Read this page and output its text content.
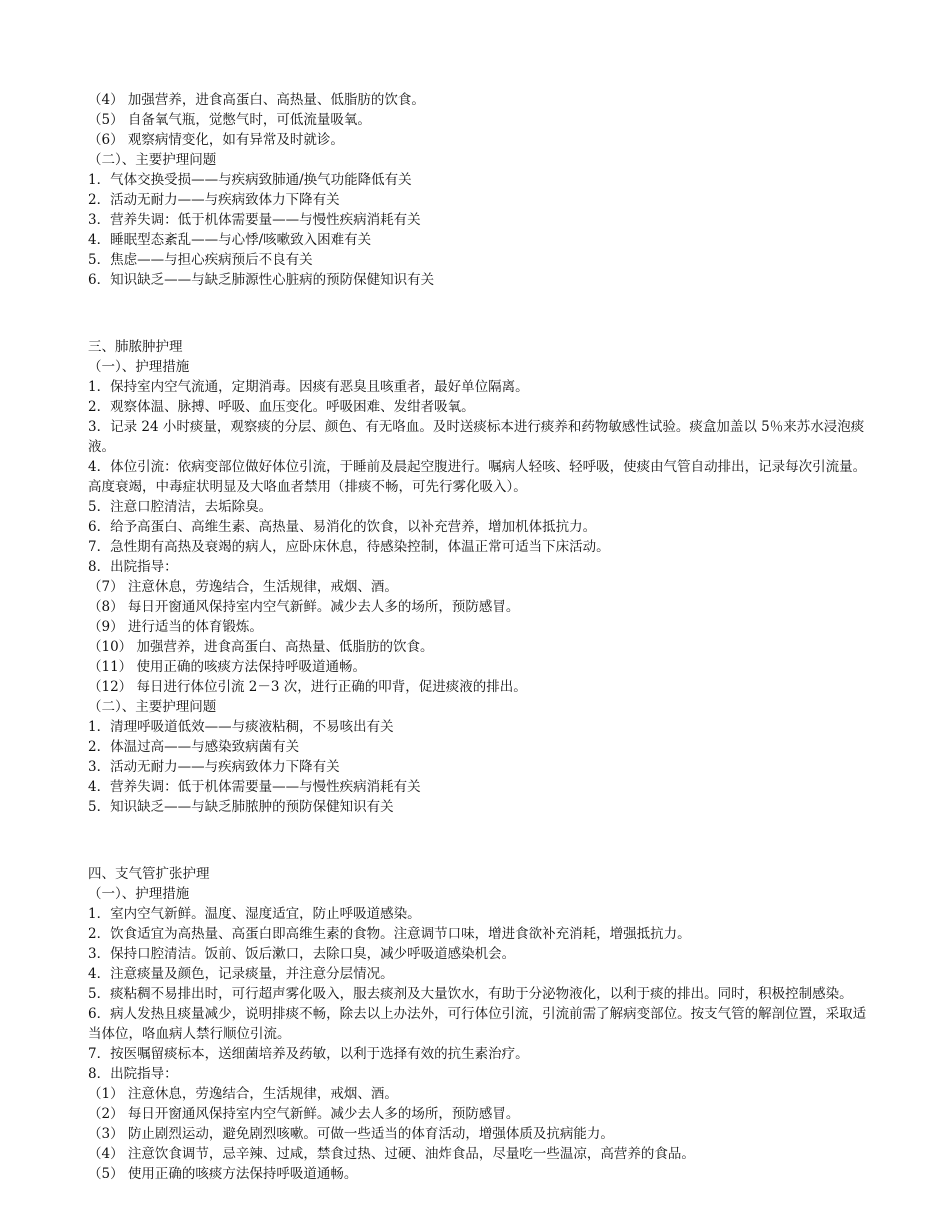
（4） 加强营养，进食高蛋白、高热量、低脂肪的饮食。

（5） 自备氧气瓶，觉憋气时，可低流量吸氧。

（6） 观察病情变化，如有异常及时就诊。

（二）、主要护理问题

1．气体交换受损——与疾病致肺通/换气功能降低有关

2．活动无耐力——与疾病致体力下降有关

3．营养失调：低于机体需要量——与慢性疾病消耗有关

4．睡眠型态紊乱——与心悸/咳嗽致入困难有关

5．焦虑——与担心疾病预后不良有关

6．知识缺乏——与缺乏肺源性心脏病的预防保健知识有关

三、肺脓肿护理

（一）、护理措施

1．保持室内空气流通，定期消毒。因痰有恶臭且咳重者，最好单位隔离。

2．观察体温、脉搏、呼吸、血压变化。呼吸困难、发绀者吸氧。

3．记录 24 小时痰量，观察痰的分层、颜色、有无咯血。及时送痰标本进行痰养和药物敏感性试验。痰盒加盖以 5％来苏水浸泡痰液。

4．体位引流：依病变部位做好体位引流，于睡前及晨起空腹进行。嘱病人轻咳、轻呼吸，使痰由气管自动排出，记录每次引流量。高度衰竭，中毒症状明显及大咯血者禁用（排痰不畅，可先行雾化吸入）。

5．注意口腔清洁，去垢除臭。

6．给予高蛋白、高维生素、高热量、易消化的饮食，以补充营养，增加机体抵抗力。

7．急性期有高热及衰竭的病人，应卧床休息，待感染控制，体温正常可适当下床活动。

8．出院指导：

（7） 注意休息，劳逸结合，生活规律，戒烟、酒。

（8） 每日开窗通风保持室内空气新鲜。减少去人多的场所，预防感冒。

（9） 进行适当的体育锻炼。

（10） 加强营养，进食高蛋白、高热量、低脂肪的饮食。

（11） 使用正确的咳痰方法保持呼吸道通畅。

（12） 每日进行体位引流 2－3 次，进行正确的叩背，促进痰液的排出。

（二）、主要护理问题

1．清理呼吸道低效——与痰液粘稠，不易咳出有关

2．体温过高——与感染致病菌有关

3．活动无耐力——与疾病致体力下降有关

4．营养失调：低于机体需要量——与慢性疾病消耗有关

5．知识缺乏——与缺乏肺脓肿的预防保健知识有关

四、支气管扩张护理

（一）、护理措施

1．室内空气新鲜。温度、湿度适宜，防止呼吸道感染。

2．饮食适宜为高热量、高蛋白即高维生素的食物。注意调节口味，增进食欲补充消耗，增强抵抗力。

3．保持口腔清洁。饭前、饭后漱口，去除口臭，减少呼吸道感染机会。

4．注意痰量及颜色，记录痰量，并注意分层情况。

5．痰粘稠不易排出时，可行超声雾化吸入，服去痰剂及大量饮水，有助于分泌物液化，以利于痰的排出。同时，积极控制感染。

6．病人发热且痰量减少，说明排痰不畅，除去以上办法外，可行体位引流，引流前需了解病变部位。按支气管的解剖位置，采取适当体位，咯血病人禁行顺位引流。

7．按医嘱留痰标本，送细菌培养及药敏，以利于选择有效的抗生素治疗。

8．出院指导：

（1） 注意休息，劳逸结合，生活规律，戒烟、酒。

（2） 每日开窗通风保持室内空气新鲜。减少去人多的场所，预防感冒。

（3） 防止剧烈运动，避免剧烈咳嗽。可做一些适当的体育活动，增强体质及抗病能力。

（4） 注意饮食调节，忌辛辣、过咸，禁食过热、过硬、油炸食品，尽量吃一些温凉，高营养的食品。

（5） 使用正确的咳痰方法保持呼吸道通畅。
